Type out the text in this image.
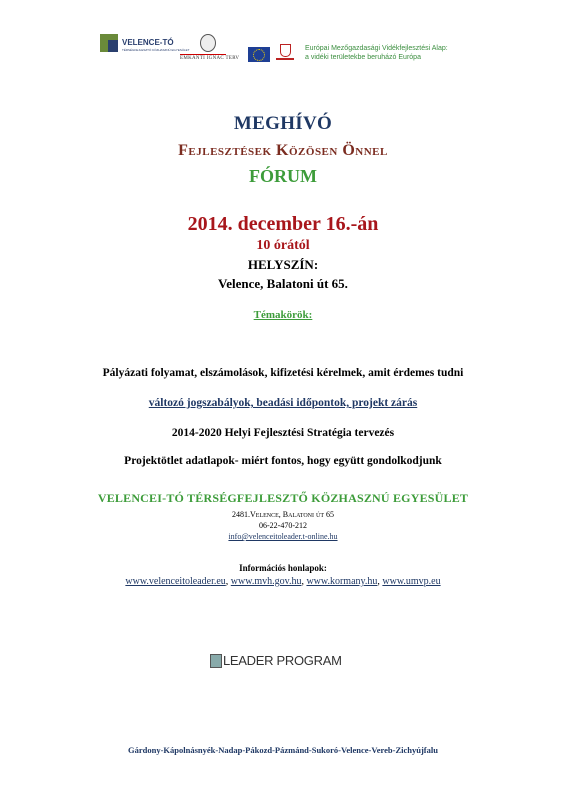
VELENCE-TÓ
TÉRSÉGFEJLESZTŐ KÖZHASZNÚ EGYESÜLET
EMKANTI IGNAC TERV
Európai Mezőgazdasági Vidékfejlesztési Alap:
a vidéki területekbe beruházó Európa
MEGHÍVÓ
Fejlesztések Közösen Önnel
FÓRUM
2014. december 16.-án
10 órától
HELYSZÍN:
Velence, Balatoni út 65.
Témakörök:
Pályázati folyamat, elszámolások, kifizetési kérelmek, amit érdemes tudni
változó jogszabályok, beadási időpontok, projekt zárás
2014-2020 Helyi Fejlesztési Stratégia tervezés
Projektötlet adatlapok- miért fontos, hogy együtt gondolkodjunk
VELENCEI-TÓ TÉRSÉGFEJLESZTŐ KÖZHASZNÚ EGYESÜLET
2481.Velence, Balatoni út 65
06-22-470-212
info@velenceitoleader.t-online.hu
Információs honlapok:
www.velenceitoleader.eu, www.mvh.gov.hu, www.kormany.hu, www.umvp.eu
LEADER PROGRAM
Gárdony-Kápolnásnyék-Nadap-Pákozd-Pázmánd-Sukoró-Velence-Vereb-Zichyújfalu
